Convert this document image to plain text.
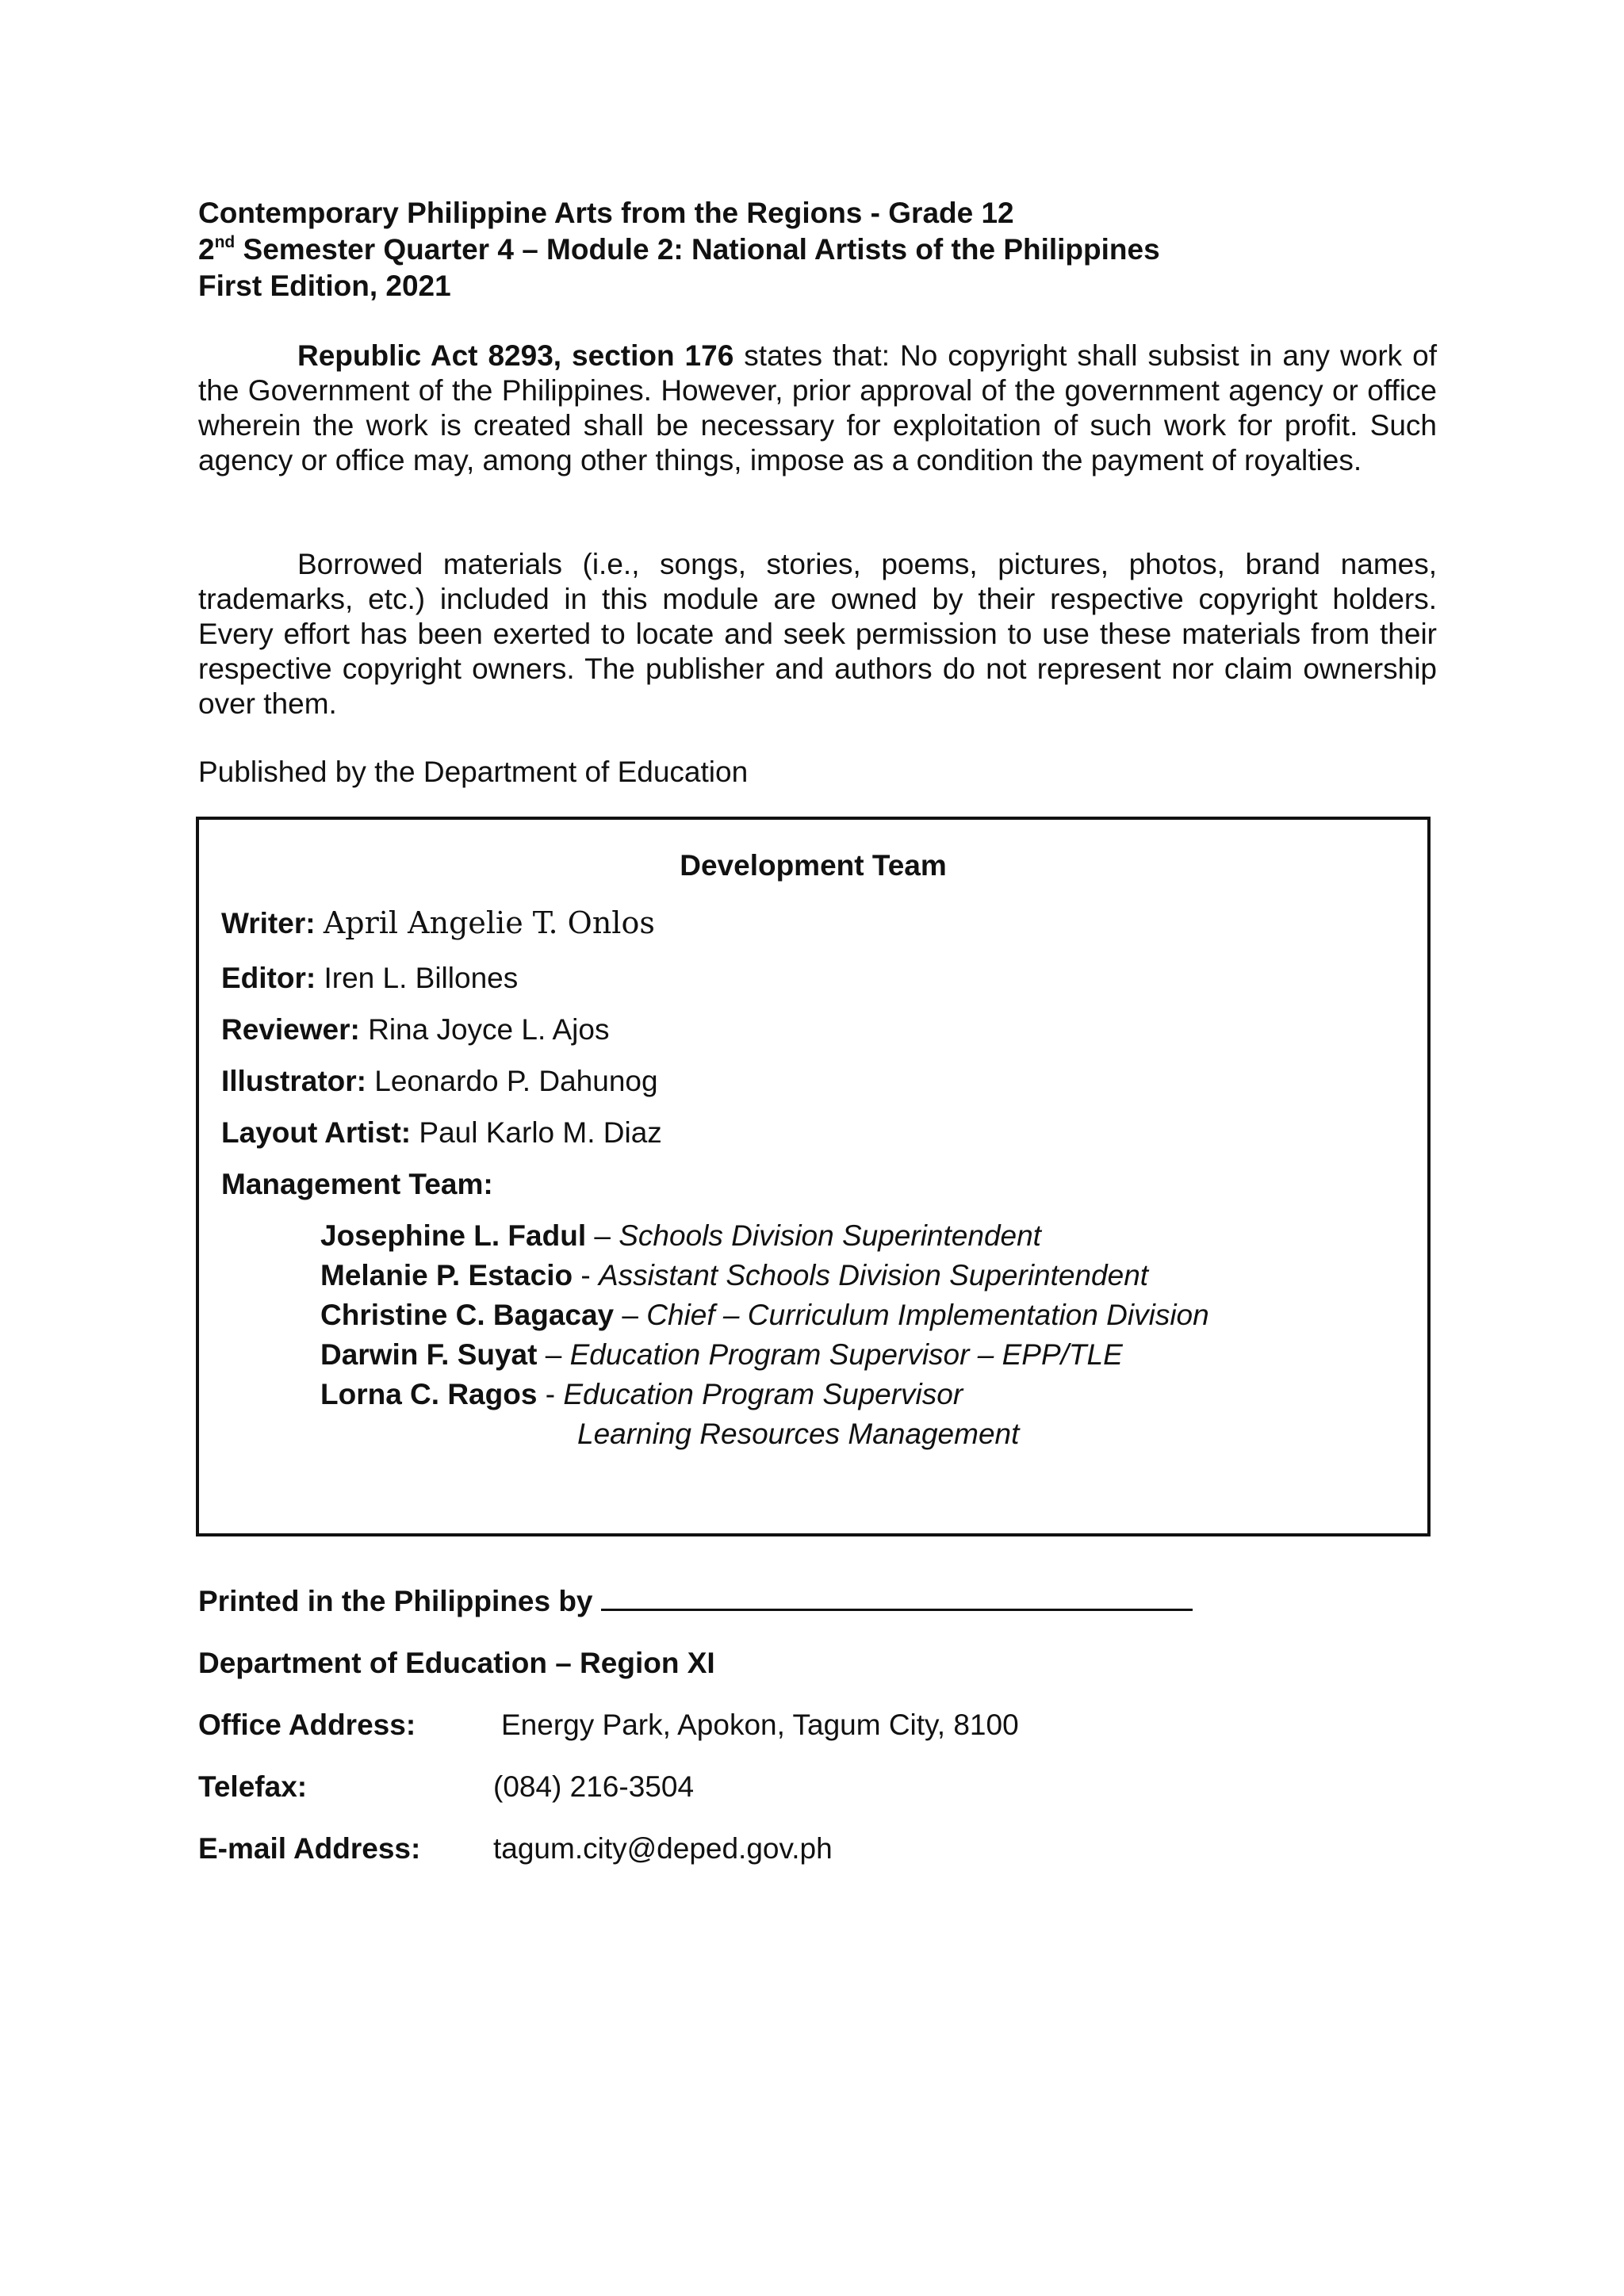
Contemporary Philippine Arts from the Regions - Grade 12
2nd Semester Quarter 4 – Module 2: National Artists of the Philippines
First Edition, 2021

Republic Act 8293, section 176 states that: No copyright shall subsist in any work of the Government of the Philippines. However, prior approval of the government agency or office wherein the work is created shall be necessary for exploitation of such work for profit. Such agency or office may, among other things, impose as a condition the payment of royalties.

Borrowed materials (i.e., songs, stories, poems, pictures, photos, brand names, trademarks, etc.) included in this module are owned by their respective copyright holders. Every effort has been exerted to locate and seek permission to use these materials from their respective copyright owners. The publisher and authors do not represent nor claim ownership over them.

Published by the Department of Education
Development Team
Writer: April Angelie T. Onlos
Editor: Iren L. Billones
Reviewer: Rina Joyce L. Ajos
Illustrator: Leonardo P. Dahunog
Layout Artist: Paul Karlo M. Diaz
Management Team:
Josephine L. Fadul – Schools Division Superintendent
Melanie P. Estacio - Assistant Schools Division Superintendent
Christine C. Bagacay – Chief – Curriculum Implementation Division
Darwin F. Suyat – Education Program Supervisor – EPP/TLE
Lorna C. Ragos - Education Program Supervisor
Learning Resources Management
Printed in the Philippines by
Department of Education – Region XI
Office Address:	Energy Park, Apokon, Tagum City, 8100
Telefax:	(084) 216-3504
E-mail Address: tagum.city@deped.gov.ph
